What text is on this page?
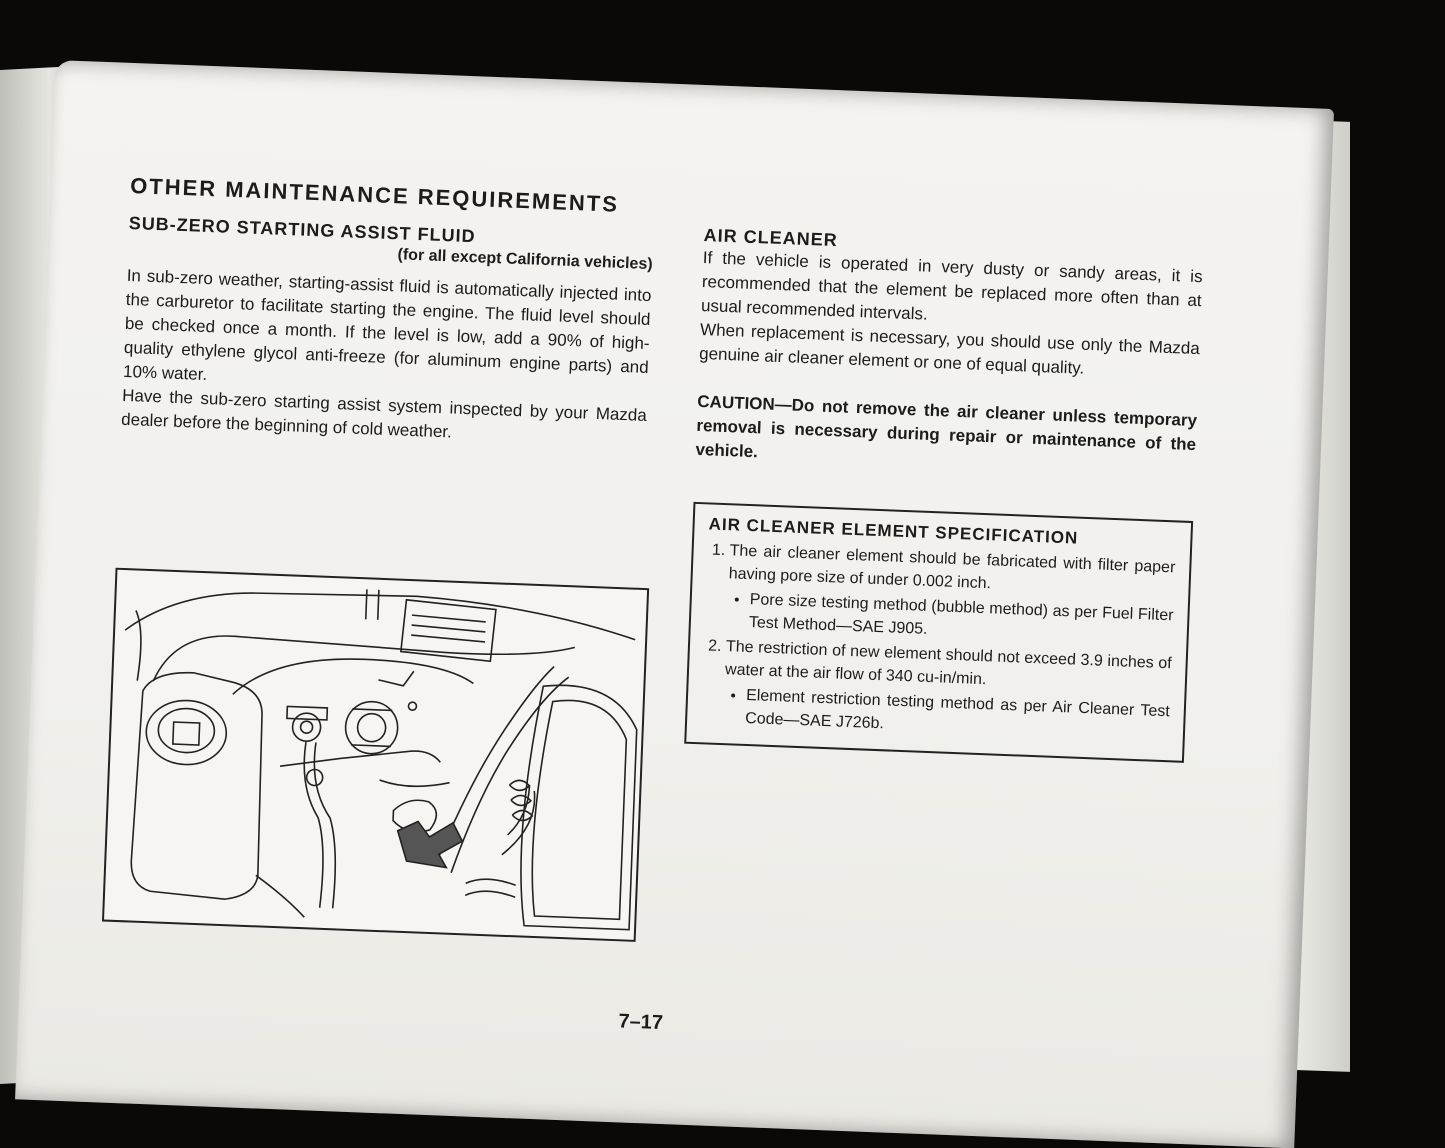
OTHER MAINTENANCE REQUIREMENTS
SUB-ZERO STARTING ASSIST FLUID
(for all except California vehicles)

In sub-zero weather, starting-assist fluid is automatically injected into the carburetor to facilitate starting the engine. The fluid level should be checked once a month. If the level is low, add a 90% of high-quality ethylene glycol anti-freeze (for aluminum engine parts) and 10% water.

Have the sub-zero starting assist system inspected by your Mazda dealer before the beginning of cold weather.

AIR CLEANER

If the vehicle is operated in very dusty or sandy areas, it is recommended that the element be replaced more often than at usual recommended intervals.

When replacement is necessary, you should use only the Mazda genuine air cleaner element or one of equal quality.

CAUTION—Do not remove the air cleaner unless temporary removal is necessary during repair or maintenance of the vehicle.

AIR CLEANER ELEMENT SPECIFICATION
1. The air cleaner element should be fabricated with filter paper having pore size of under 0.002 inch.
• Pore size testing method (bubble method) as per Fuel Filter Test Method—SAE J905.
2. The restriction of new element should not exceed 3.9 inches of water at the air flow of 340 cu-in/min.
• Element restriction testing method as per Air Cleaner Test Code—SAE J726b.
7–17
